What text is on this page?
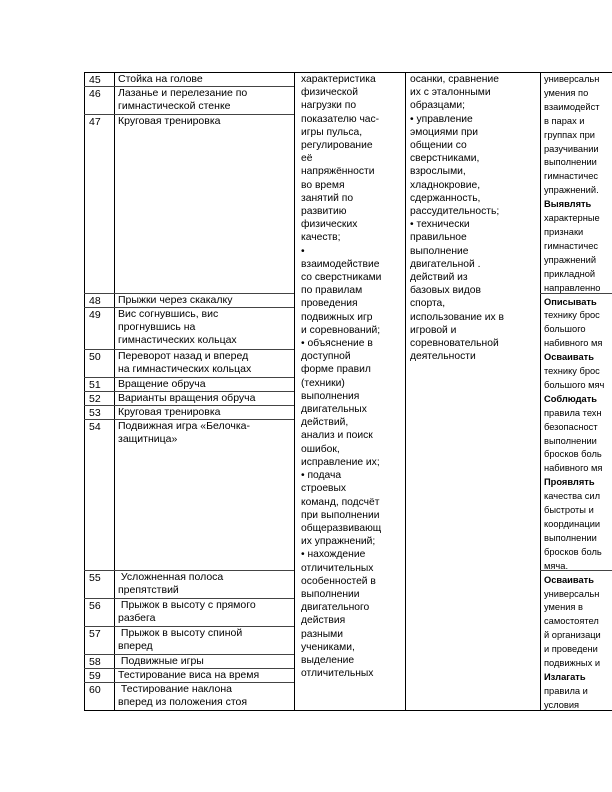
45 Стойка на голове
46 Лазанье и перелезание по
гимнастической стенке
47 Круговая тренировка
48 Прыжки через скакалку
49 Вис согнувшись, вис
прогнувшись на
гимнастических кольцах
50 Переворот назад и вперед
на гимнастических кольцах
51 Вращение обруча
52 Варианты вращения обруча
53 Круговая тренировка
54 Подвижная игра «Белочка-
защитница»
55 Усложненная полоса
препятствий
56 Прыжок в высоту с прямого
разбега
57 Прыжок в высоту спиной
вперед
58 Подвижные игры
59 Тестирование виса на время
60 Тестирование наклона
вперед из положения стоя
характеристика
физической
нагрузки по
показателю час-
игры пульса,
регулирование
её
напряжённости
во время
занятий по
развитию
физических
качеств;
•
взаимодействие
со сверстниками
по правилам
проведения
подвижных игр
и соревнований;
• объяснение в
доступной
форме правил
(техники)
выполнения
двигательных
действий,
анализ и поиск
ошибок,
исправление их;
• подача
строевых
команд, подсчёт
при выполнении
общеразвивающ
их упражнений;
• нахождение
отличительных
особенностей в
выполнении
двигательного
действия
разными
учениками,
выделение
отличительных
осанки, сравнение
их с эталонными
образцами;
• управление
эмоциями при
общении со
сверстниками,
взрослыми,
хладнокровие,
сдержанность,
рассудительность;
• технически
правильное
выполнение
двигательной .
действий из
базовых видов
спорта,
использование их в
игровой и
соревновательной
деятельности
универсальн
умения по
взаимодейст
в парах и
группах при
разучивании
выполнении
гимнастичес
упражнений.
Выявлять
характерные
признаки
гимнастичес
упражнений
прикладной
направленно
Описывать
технику брос
большого
набивного мя
Осваивать
технику брос
большого мяч
Соблюдать
правила техн
безопасност
выполнении
бросков боль
набивного мя
Проявлять
качества сил
быстроты и
координации
выполнении
бросков боль
мяча.
Осваивать
универсальн
умения в
самостоятел
й организаци
и проведени
подвижных и
Излагать
правила и
условия
